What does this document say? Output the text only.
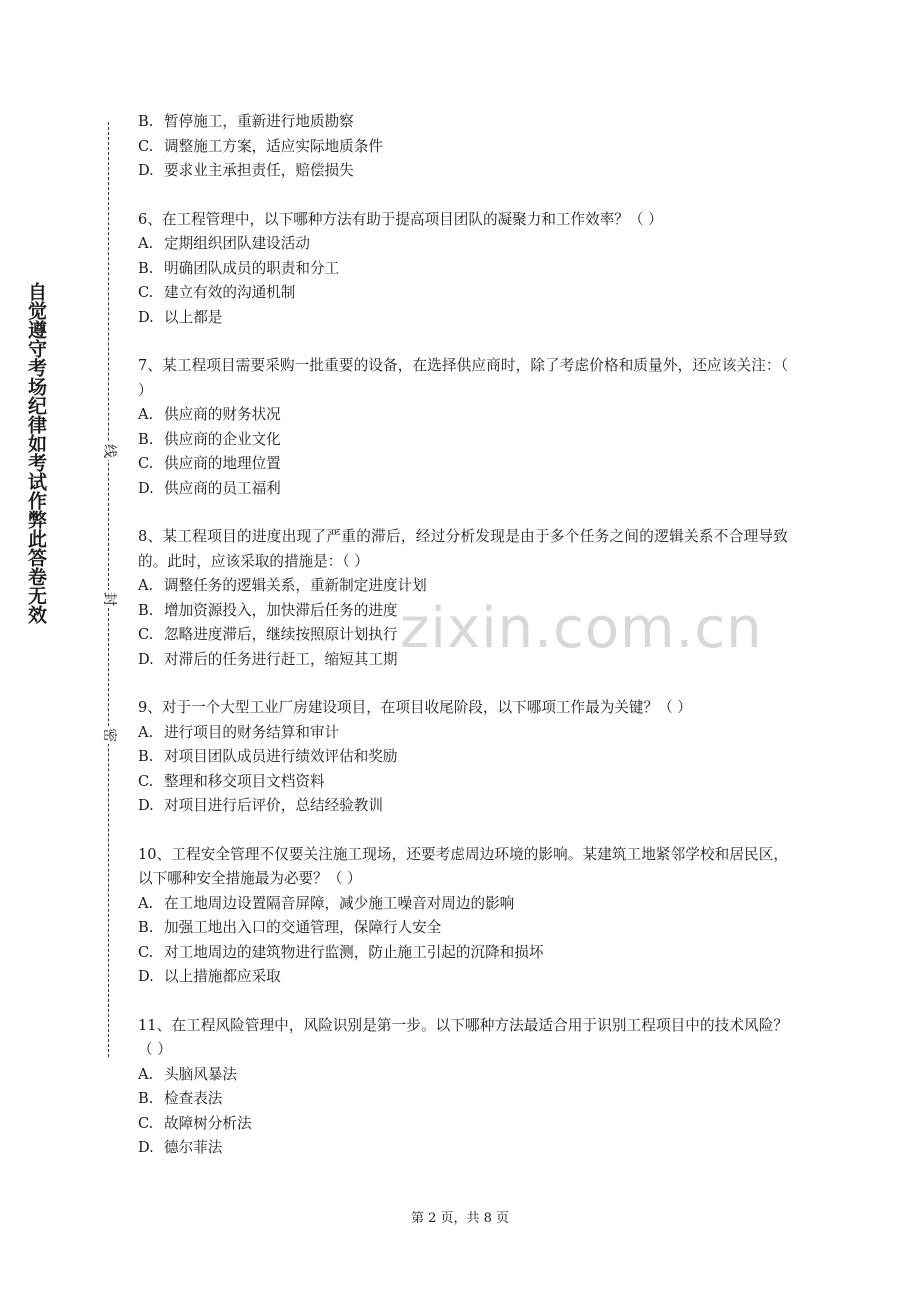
自觉遵守考场纪律如考试作弊此答卷无效	线
封
密
zixin.com.cn

B. 暂停施工，重新进行地质勘察

C. 调整施工方案，适应实际地质条件

D. 要求业主承担责任，赔偿损失

6、在工程管理中，以下哪种方法有助于提高项目团队的凝聚力和工作效率？（ ）

A. 定期组织团队建设活动

B. 明确团队成员的职责和分工

C. 建立有效的沟通机制

D. 以上都是

7、某工程项目需要采购一批重要的设备，在选择供应商时，除了考虑价格和质量外，还应该关注：（ ）

A. 供应商的财务状况

B. 供应商的企业文化

C. 供应商的地理位置

D. 供应商的员工福利

8、某工程项目的进度出现了严重的滞后，经过分析发现是由于多个任务之间的逻辑关系不合理导致的。此时，应该采取的措施是：（ ）

A. 调整任务的逻辑关系，重新制定进度计划

B. 增加资源投入，加快滞后任务的进度

C. 忽略进度滞后，继续按照原计划执行

D. 对滞后的任务进行赶工，缩短其工期

9、对于一个大型工业厂房建设项目，在项目收尾阶段，以下哪项工作最为关键？（ ）

A. 进行项目的财务结算和审计

B. 对项目团队成员进行绩效评估和奖励

C. 整理和移交项目文档资料

D. 对项目进行后评价，总结经验教训

10、工程安全管理不仅要关注施工现场，还要考虑周边环境的影响。某建筑工地紧邻学校和居民区，以下哪种安全措施最为必要？（ ）

A. 在工地周边设置隔音屏障，减少施工噪音对周边的影响

B. 加强工地出入口的交通管理，保障行人安全

C. 对工地周边的建筑物进行监测，防止施工引起的沉降和损坏

D. 以上措施都应采取

11、在工程风险管理中，风险识别是第一步。以下哪种方法最适合用于识别工程项目中的技术风险？（ ）

A. 头脑风暴法

B. 检查表法

C. 故障树分析法

D. 德尔菲法

第 2 页，共 8 页
